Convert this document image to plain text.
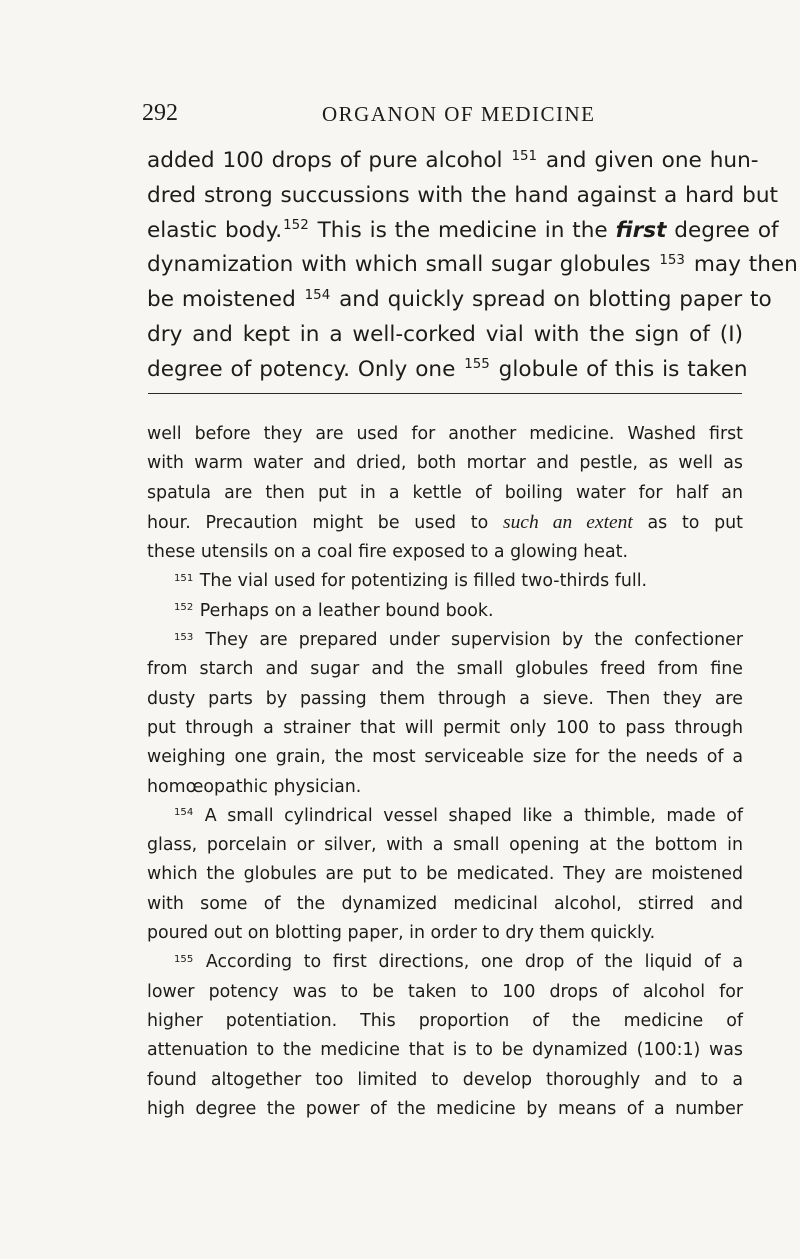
292	ORGANON OF MEDICINE
added 100 drops of pure alcohol $^{151}$ and given one hun-
dred strong succussions with the hand against a hard but
elastic body.$^{152}$ This is the medicine in the first degree of
dynamization with which small sugar globules $^{153}$ may then
be moistened $^{154}$ and quickly spread on blotting paper to
dry and kept in a well-corked vial with the sign of (I)
degree of potency. Only one $^{155}$ globule of this is taken
well before they are used for another medicine. Washed first
with warm water and dried, both mortar and pestle, as well as
spatula are then put in a kettle of boiling water for half an
hour. Precaution might be used to such an extent as to put
these utensils on a coal fire exposed to a glowing heat.
$^{151}$ The vial used for potentizing is filled two-thirds full.
$^{152}$ Perhaps on a leather bound book.
$^{153}$ They are prepared under supervision by the confectioner
from starch and sugar and the small globules freed from fine
dusty parts by passing them through a sieve. Then they are
put through a strainer that will permit only 100 to pass through
weighing one grain, the most serviceable size for the needs of a
homœopathic physician.
$^{154}$ A small cylindrical vessel shaped like a thimble, made of
glass, porcelain or silver, with a small opening at the bottom in
which the globules are put to be medicated. They are moistened
with some of the dynamized medicinal alcohol, stirred and
poured out on blotting paper, in order to dry them quickly.
$^{155}$ According to first directions, one drop of the liquid of a
lower potency was to be taken to 100 drops of alcohol for
higher potentiation. This proportion of the medicine of
attenuation to the medicine that is to be dynamized (100:1) was
found altogether too limited to develop thoroughly and to a
high degree the power of the medicine by means of a number
